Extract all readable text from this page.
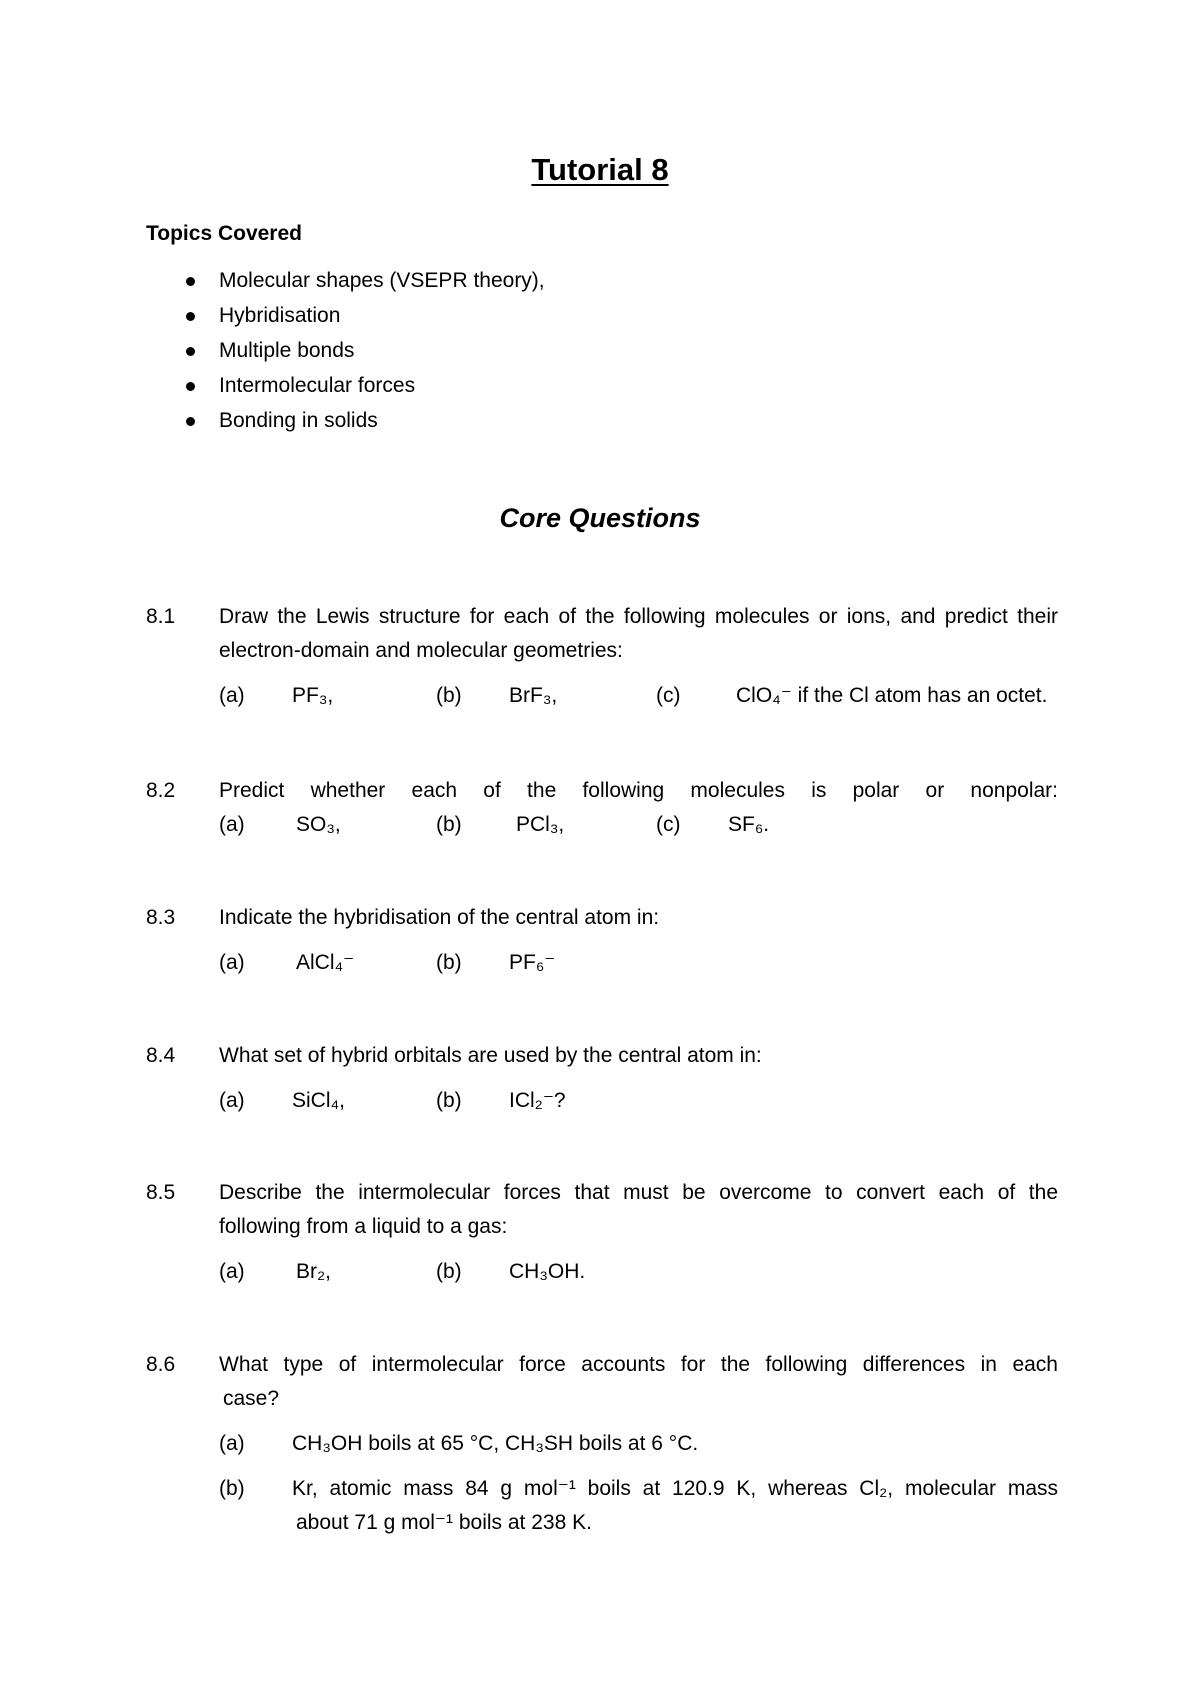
Tutorial 8
Topics Covered
Molecular shapes (VSEPR theory),
Hybridisation
Multiple bonds
Intermolecular forces
Bonding in solids
Core Questions
8.1 Draw the Lewis structure for each of the following molecules or ions, and predict their
electron-domain and molecular geometries:
(a) PF₃,	(b) BrF₃,	(c)	ClO₄⁻ if the Cl atom has an octet.
8.2 Predict whether each of the following molecules is polar or nonpolar:
(a) SO₃,	(b)	PCl₃,	(c) SF₆.
8.3 Indicate the hybridisation of the central atom in:
(a) AlCl₄⁻	(b) PF₆⁻
8.4 What set of hybrid orbitals are used by the central atom in:
(a) SiCl₄,	(b) ICl₂⁻?
8.5 Describe the intermolecular forces that must be overcome to convert each of the
following from a liquid to a gas:
(a) Br₂,	(b) CH₃OH.
8.6 What type of intermolecular force accounts for the following differences in each
case?
(a) CH₃OH boils at 65 °C, CH₃SH boils at 6 °C.
(b) Kr, atomic mass 84 g mol⁻¹ boils at 120.9 K, whereas Cl₂, molecular mass
about 71 g mol⁻¹ boils at 238 K.
